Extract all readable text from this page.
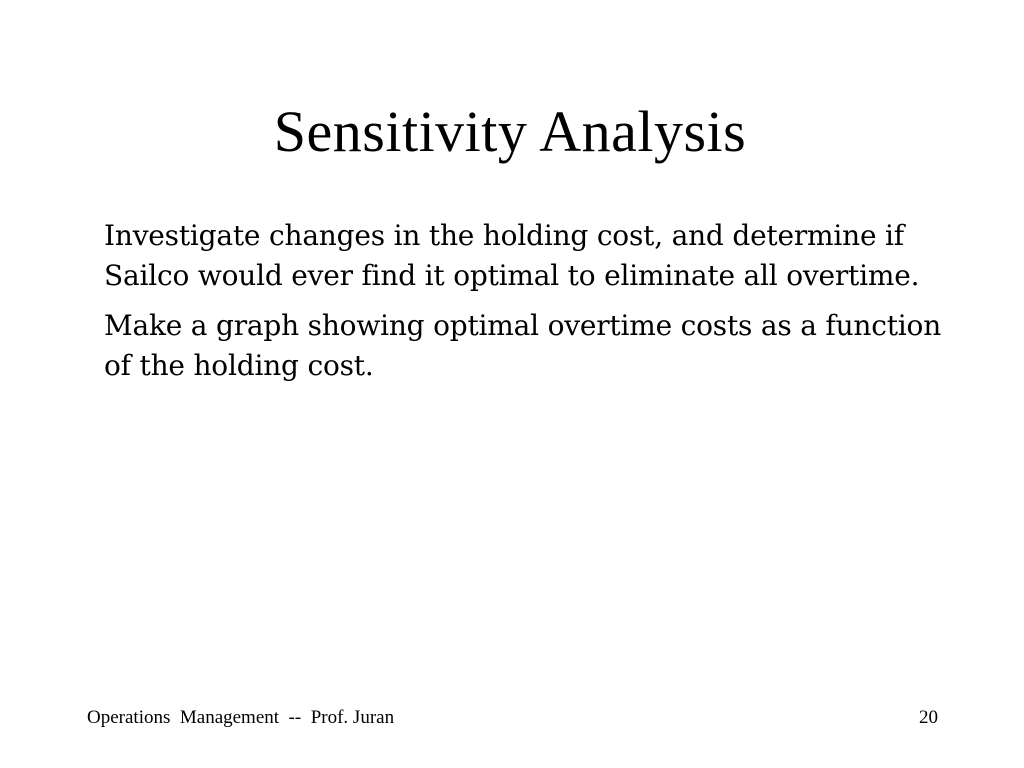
Sensitivity Analysis
Investigate changes in the holding cost, and determine if Sailco would ever find it optimal to eliminate all overtime.
Make a graph showing optimal overtime costs as a function of the holding cost.
Operations  Management  --  Prof. Juran	20
